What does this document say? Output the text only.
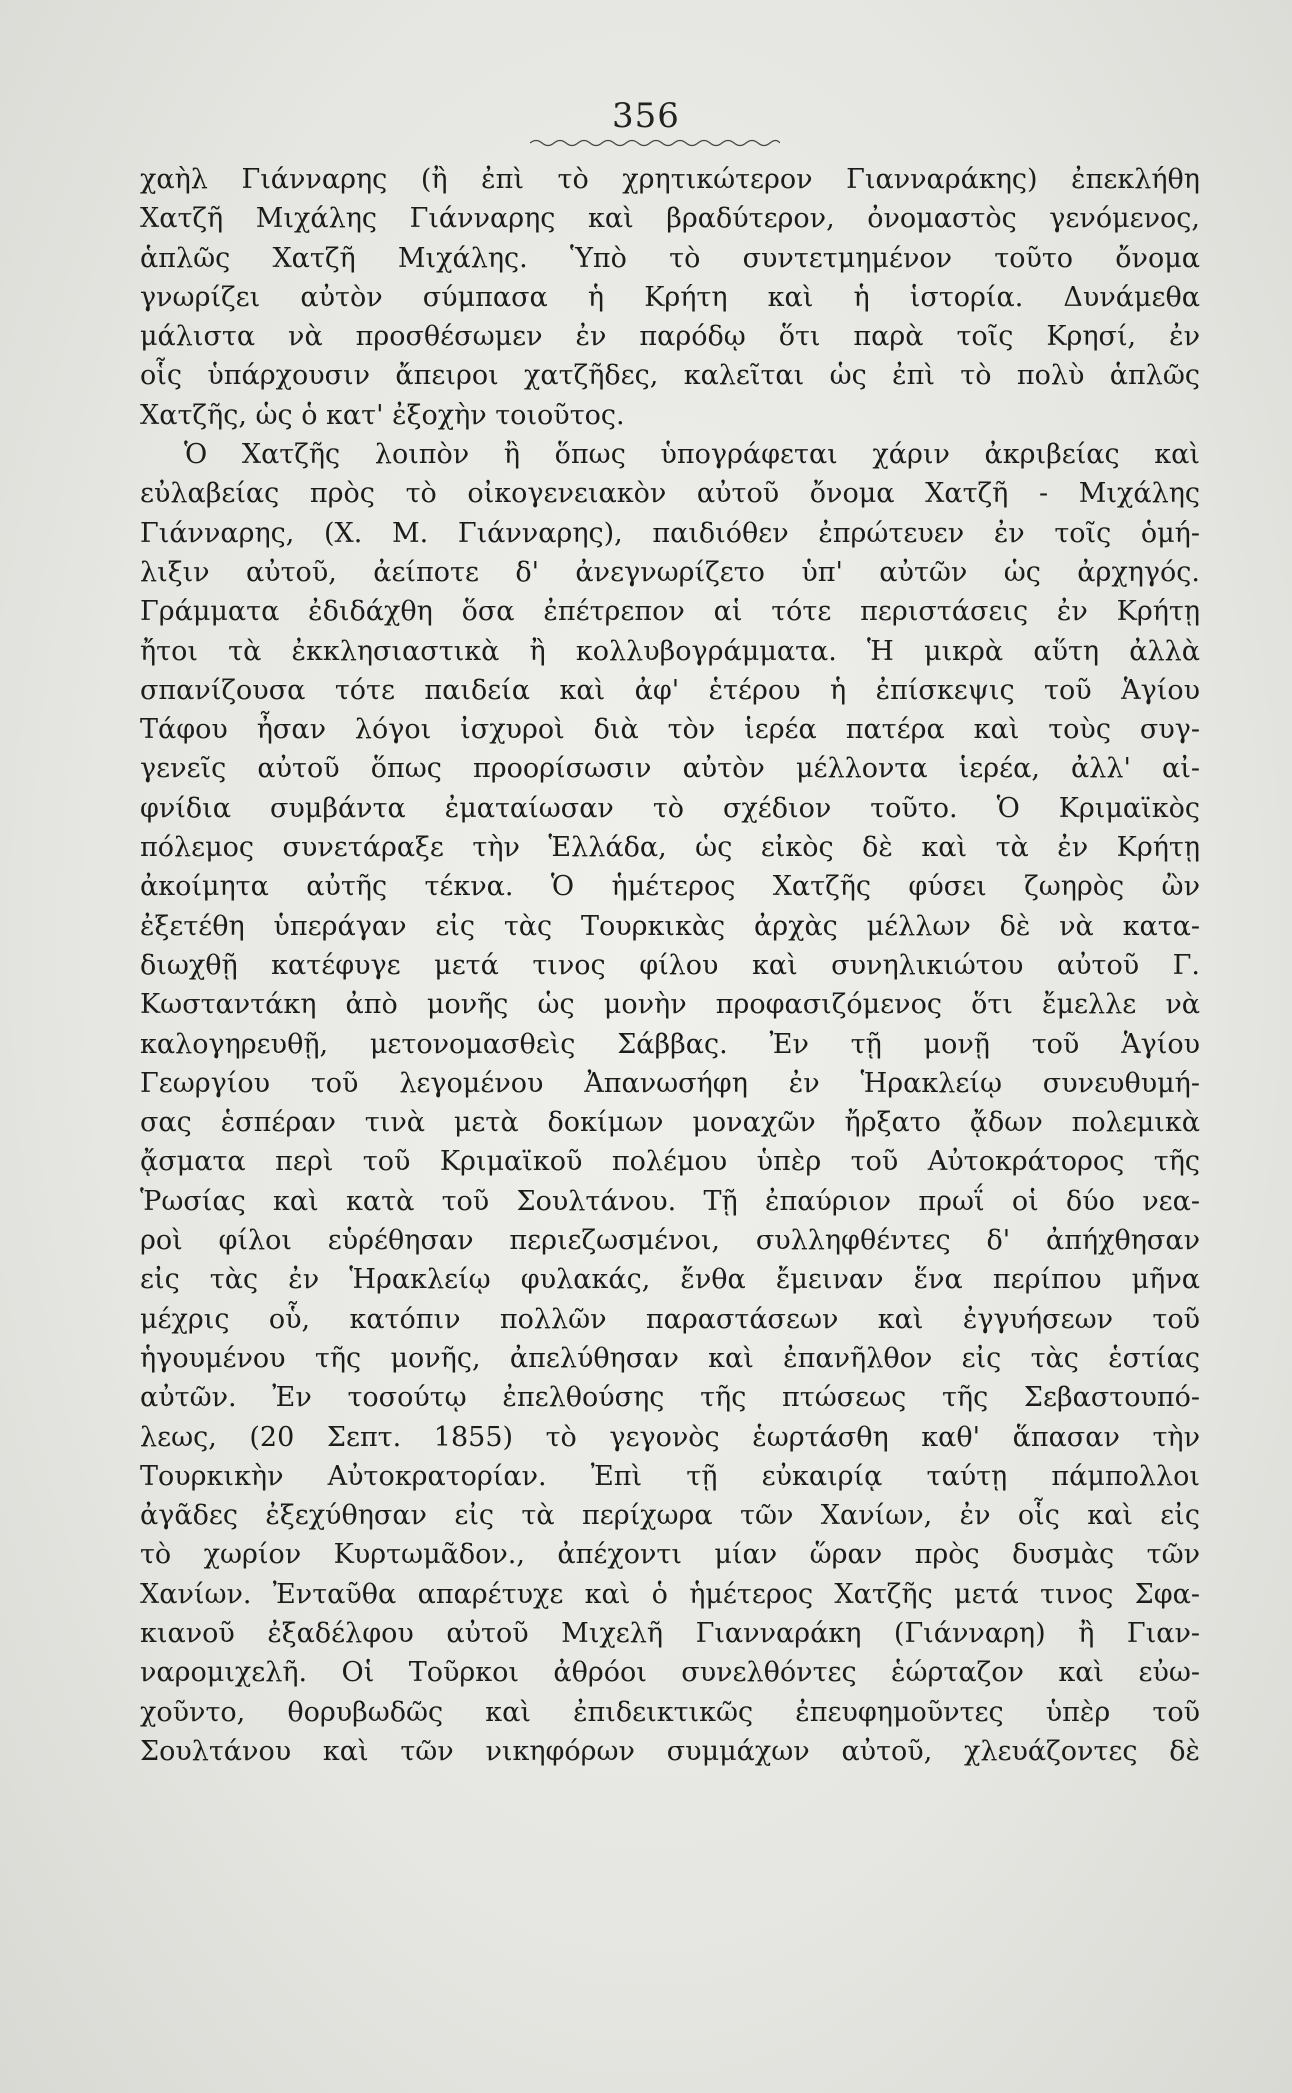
356
χαὴλ Γιάνναρης (ἢ ἐπὶ τὸ χρητικώτερον Γιανναράκης) ἐπεκλήθη
Χατζῆ Μιχάλης Γιάνναρης καὶ βραδύτερον, ὀνομαστὸς γενόμενος,
ἁπλῶς Χατζῆ Μιχάλης. Ὑπὸ τὸ συντετμημένον τοῦτο ὄνομα
γνωρίζει αὐτὸν σύμπασα ἡ Κρήτη καὶ ἡ ἱστορία. Δυνάμεθα
μάλιστα νὰ προσθέσωμεν ἐν παρόδῳ ὅτι παρὰ τοῖς Κρησί, ἐν
οἷς ὑπάρχουσιν ἄπειροι χατζῆδες, καλεῖται ὡς ἐπὶ τὸ πολὺ ἁπλῶς
Χατζῆς, ὡς ὁ κατ' ἐξοχὴν τοιοῦτος.
Ὁ Χατζῆς λοιπὸν ἢ ὅπως ὑπογράφεται χάριν ἀκριβείας καὶ
εὐλαβείας πρὸς τὸ οἰκογενειακὸν αὐτοῦ ὄνομα Χατζῆ - Μιχάλης
Γιάνναρης, (Χ. Μ. Γιάνναρης), παιδιόθεν ἐπρώτευεν ἐν τοῖς ὁμή-
λιξιν αὐτοῦ, ἀείποτε δ' ἀνεγνωρίζετο ὑπ' αὐτῶν ὡς ἀρχηγός.
Γράμματα ἐδιδάχθη ὅσα ἐπέτρεπον αἱ τότε περιστάσεις ἐν Κρήτῃ
ἤτοι τὰ ἐκκλησιαστικὰ ἢ κολλυβογράμματα. Ἡ μικρὰ αὕτη ἀλλὰ
σπανίζουσα τότε παιδεία καὶ ἀφ' ἑτέρου ἡ ἐπίσκεψις τοῦ Ἁγίου
Τάφου ἦσαν λόγοι ἰσχυροὶ διὰ τὸν ἱερέα πατέρα καὶ τοὺς συγ-
γενεῖς αὐτοῦ ὅπως προορίσωσιν αὐτὸν μέλλοντα ἱερέα, ἀλλ' αἰ-
φνίδια συμβάντα ἐματαίωσαν τὸ σχέδιον τοῦτο. Ὁ Κριμαϊκὸς
πόλεμος συνετάραξε τὴν Ἑλλάδα, ὡς εἰκὸς δὲ καὶ τὰ ἐν Κρήτῃ
ἀκοίμητα αὐτῆς τέκνα. Ὁ ἡμέτερος Χατζῆς φύσει ζωηρὸς ὢν
ἐξετέθη ὑπεράγαν εἰς τὰς Τουρκικὰς ἀρχὰς μέλλων δὲ νὰ κατα-
διωχθῇ κατέφυγε μετά τινος φίλου καὶ συνηλικιώτου αὐτοῦ Γ.
Κωσταντάκη ἀπὸ μονῆς ὡς μονὴν προφασιζόμενος ὅτι ἔμελλε νὰ
καλογηρευθῇ, μετονομασθεὶς Σάββας. Ἐν τῇ μονῇ τοῦ Ἁγίου
Γεωργίου τοῦ λεγομένου Ἀπανωσήφη ἐν Ἡρακλείῳ συνευθυμή-
σας ἑσπέραν τινὰ μετὰ δοκίμων μοναχῶν ἤρξατο ᾄδων πολεμικὰ
ᾄσματα περὶ τοῦ Κριμαϊκοῦ πολέμου ὑπὲρ τοῦ Αὐτοκράτορος τῆς
Ῥωσίας καὶ κατὰ τοῦ Σουλτάνου. Τῇ ἐπαύριον πρωΐ οἱ δύο νεα-
ροὶ φίλοι εὑρέθησαν περιεζωσμένοι, συλληφθέντες δ' ἀπήχθησαν
εἰς τὰς ἐν Ἡρακλείῳ φυλακάς, ἔνθα ἔμειναν ἕνα περίπου μῆνα
μέχρις οὗ, κατόπιν πολλῶν παραστάσεων καὶ ἐγγυήσεων τοῦ
ἡγουμένου τῆς μονῆς, ἀπελύθησαν καὶ ἐπανῆλθον εἰς τὰς ἑστίας
αὐτῶν. Ἐν τοσούτῳ ἐπελθούσης τῆς πτώσεως τῆς Σεβαστουπό-
λεως, (20 Σεπτ. 1855) τὸ γεγονὸς ἑωρτάσθη καθ' ἅπασαν τὴν
Τουρκικὴν Αὐτοκρατορίαν. Ἐπὶ τῇ εὐκαιρίᾳ ταύτῃ πάμπολλοι
ἀγᾶδες ἐξεχύθησαν εἰς τὰ περίχωρα τῶν Χανίων, ἐν οἷς καὶ εἰς
τὸ χωρίον Κυρτωμᾶδον., ἀπέχοντι μίαν ὥραν πρὸς δυσμὰς τῶν
Χανίων. Ἐνταῦθα απαρέτυχε καὶ ὁ ἡμέτερος Χατζῆς μετά τινος Σφα-
κιανοῦ ἐξαδέλφου αὐτοῦ Μιχελῆ Γιανναράκη (Γιάνναρη) ἢ Γιαν-
ναρομιχελῆ. Οἱ Τοῦρκοι ἀθρόοι συνελθόντες ἑώρταζον καὶ εὐω-
χοῦντο, θορυβωδῶς καὶ ἐπιδεικτικῶς ἐπευφημοῦντες ὑπὲρ τοῦ
Σουλτάνου καὶ τῶν νικηφόρων συμμάχων αὐτοῦ, χλευάζοντες δὲ
